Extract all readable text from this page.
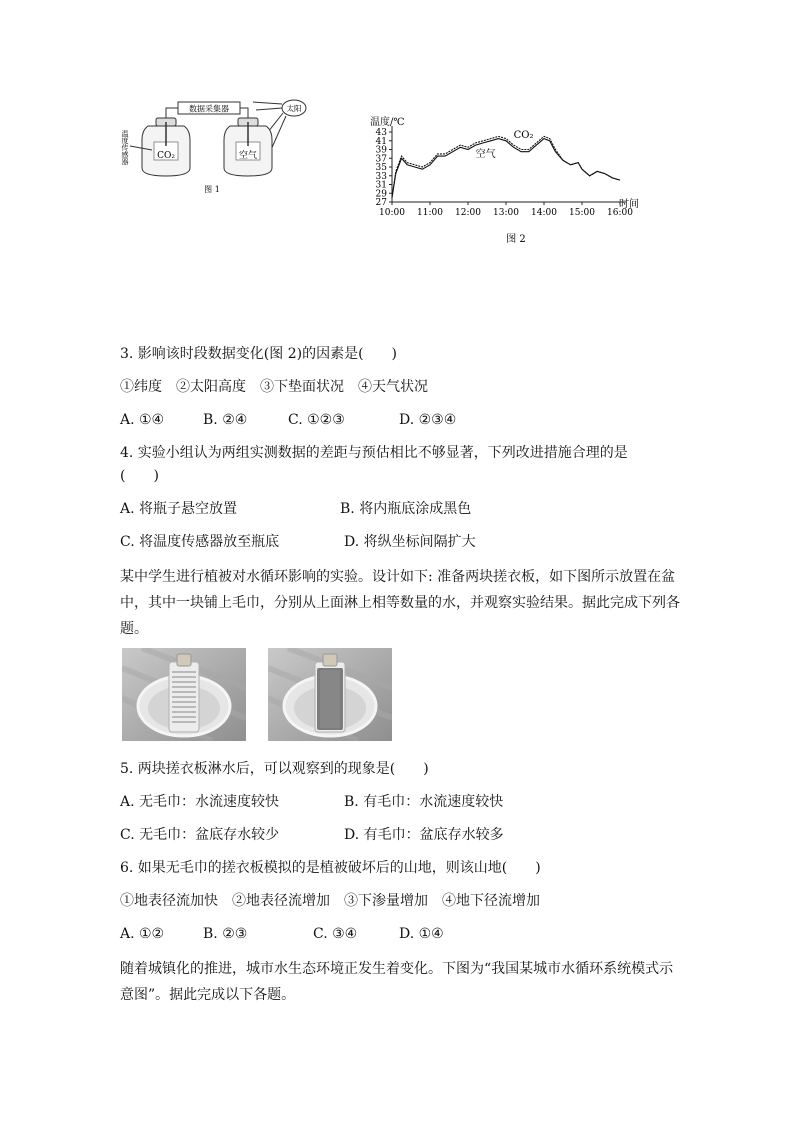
数据采集器	太阳
CO₂	空气
温度传感器
图 1
温度/℃
时间
43
41
39
37
35
33
31
29
27
10:00 11:00 12:00 13:00 14:00 15:00 16:00
CO₂
空气
图 2
3. 影响该时段数据变化(图 2)的因素是(　　)
①纬度　②太阳高度　③下垫面状况　④天气状况
A. ①④	B. ②④	C. ①②③	D. ②③④
4. 实验小组认为两组实测数据的差距与预估相比不够显著，下列改进措施合理的是
(　　)
A. 将瓶子悬空放置	B. 将内瓶底涂成黑色
C. 将温度传感器放至瓶底	D. 将纵坐标间隔扩大
某中学生进行植被对水循环影响的实验。设计如下: 准备两块搓衣板，如下图所示放置在盆中，其中一块铺上毛巾，分别从上面淋上相等数量的水，并观察实验结果。据此完成下列各题。
5. 两块搓衣板淋水后，可以观察到的现象是(　　)
A. 无毛巾：水流速度较快	B. 有毛巾：水流速度较快
C. 无毛巾：盆底存水较少	D. 有毛巾：盆底存水较多
6. 如果无毛巾的搓衣板模拟的是植被破坏后的山地，则该山地(　　)
①地表径流加快　②地表径流增加　③下渗量增加　④地下径流增加
A. ①②	B. ②③	C. ③④	D. ①④
随着城镇化的推进，城市水生态环境正发生着变化。下图为“我国某城市水循环系统模式示意图”。据此完成以下各题。
